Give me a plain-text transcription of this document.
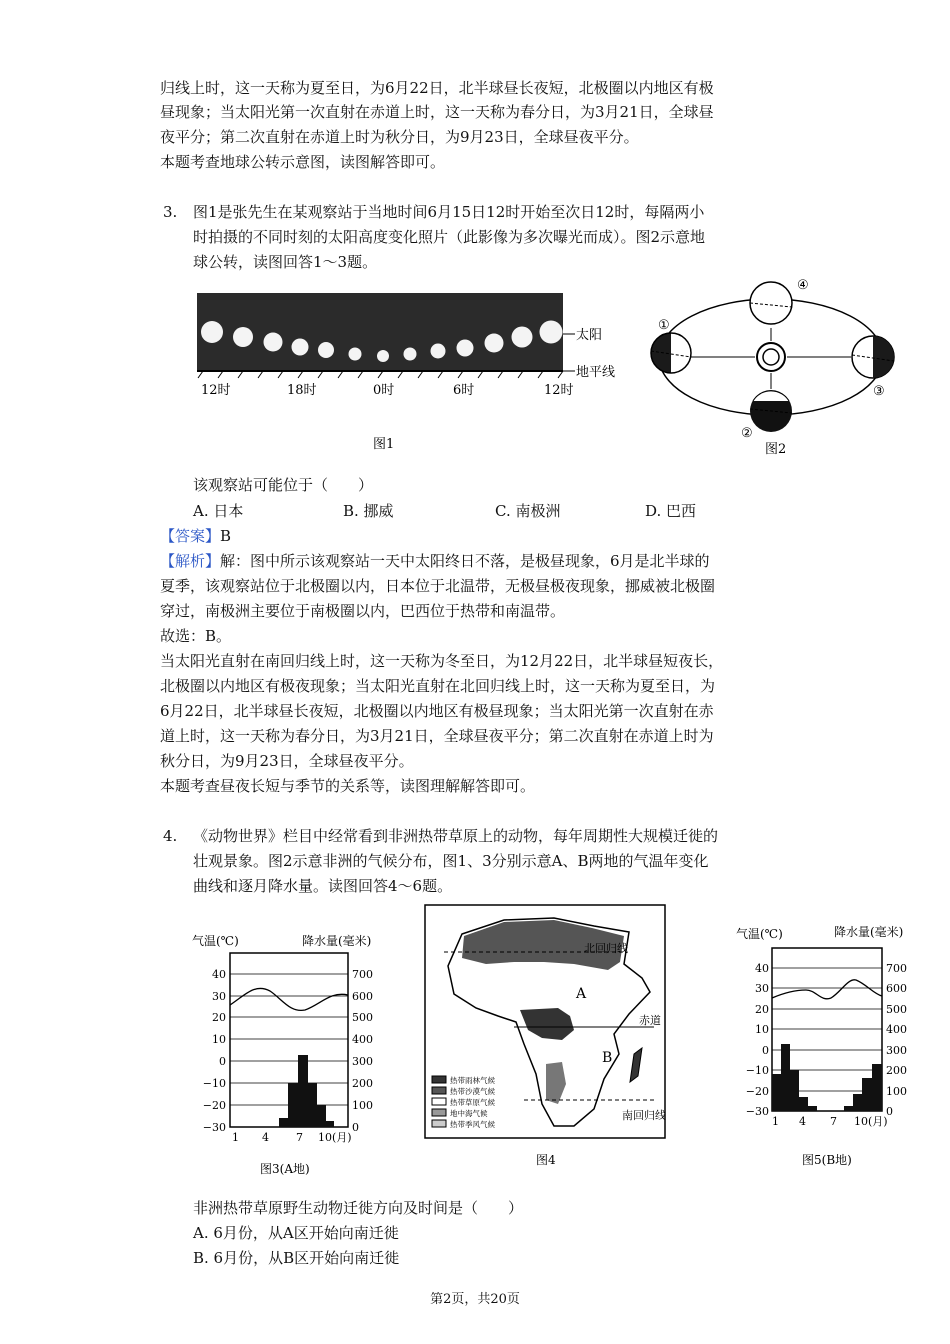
归线上时，这一天称为夏至日，为6月22日，北半球昼长夜短，北极圈以内地区有极
昼现象；当太阳光第一次直射在赤道上时，这一天称为春分日，为3月21日，全球昼
夜平分；第二次直射在赤道上时为秋分日，为9月23日，全球昼夜平分。
本题考查地球公转示意图，读图解答即可。
3. 图1是张先生在某观察站于当地时间6月15日12时开始至次日12时，每隔两小
时拍摄的不同时刻的太阳高度变化照片（此影像为多次曝光而成）。图2示意地
球公转，读图回答1～3题。
太阳
地平线
12时	18时	0时	6时	12时
图1
①
④
③
②
图2
该观察站可能位于（　　）
A. 日本	B. 挪威	C. 南极洲	D. 巴西
【答案】B
【解析】解：图中所示该观察站一天中太阳终日不落，是极昼现象，6月是北半球的
夏季，该观察站位于北极圈以内，日本位于北温带，无极昼极夜现象，挪威被北极圈
穿过，南极洲主要位于南极圈以内，巴西位于热带和南温带。
故选：B。
当太阳光直射在南回归线上时，这一天称为冬至日，为12月22日，北半球昼短夜长，
北极圈以内地区有极夜现象；当太阳光直射在北回归线上时，这一天称为夏至日，为
6月22日，北半球昼长夜短，北极圈以内地区有极昼现象；当太阳光第一次直射在赤
道上时，这一天称为春分日，为3月21日，全球昼夜平分；第二次直射在赤道上时为
秋分日，为9月23日，全球昼夜平分。
本题考查昼夜长短与季节的关系等，读图理解解答即可。
4. 《动物世界》栏目中经常看到非洲热带草原上的动物，每年周期性大规模迁徙的
壮观景象。图2示意非洲的气候分布，图1、3分别示意A、B两地的气温年变化
曲线和逐月降水量。读图回答4～6题。
气温(℃)	降水量(毫米)
40
30
20
10
0
−10
−20
−30
700
600
500
400
300
200
100
0
1 4 7 10(月)
图3(A地)
北回归线
赤道
南回归线
A
B
热带雨林气候
热带沙漠气候
热带草原气候
地中海气候
热带季风气候
图4
气温(℃)	降水量(毫米)
40
30
20
10
0
−10
−20
−30
700
600
500
400
300
200
100
0
1 4 7 10(月)
图5(B地)
非洲热带草原野生动物迁徙方向及时间是（　　）
A. 6月份，从A区开始向南迁徙
B. 6月份，从B区开始向南迁徙
第2页，共20页
